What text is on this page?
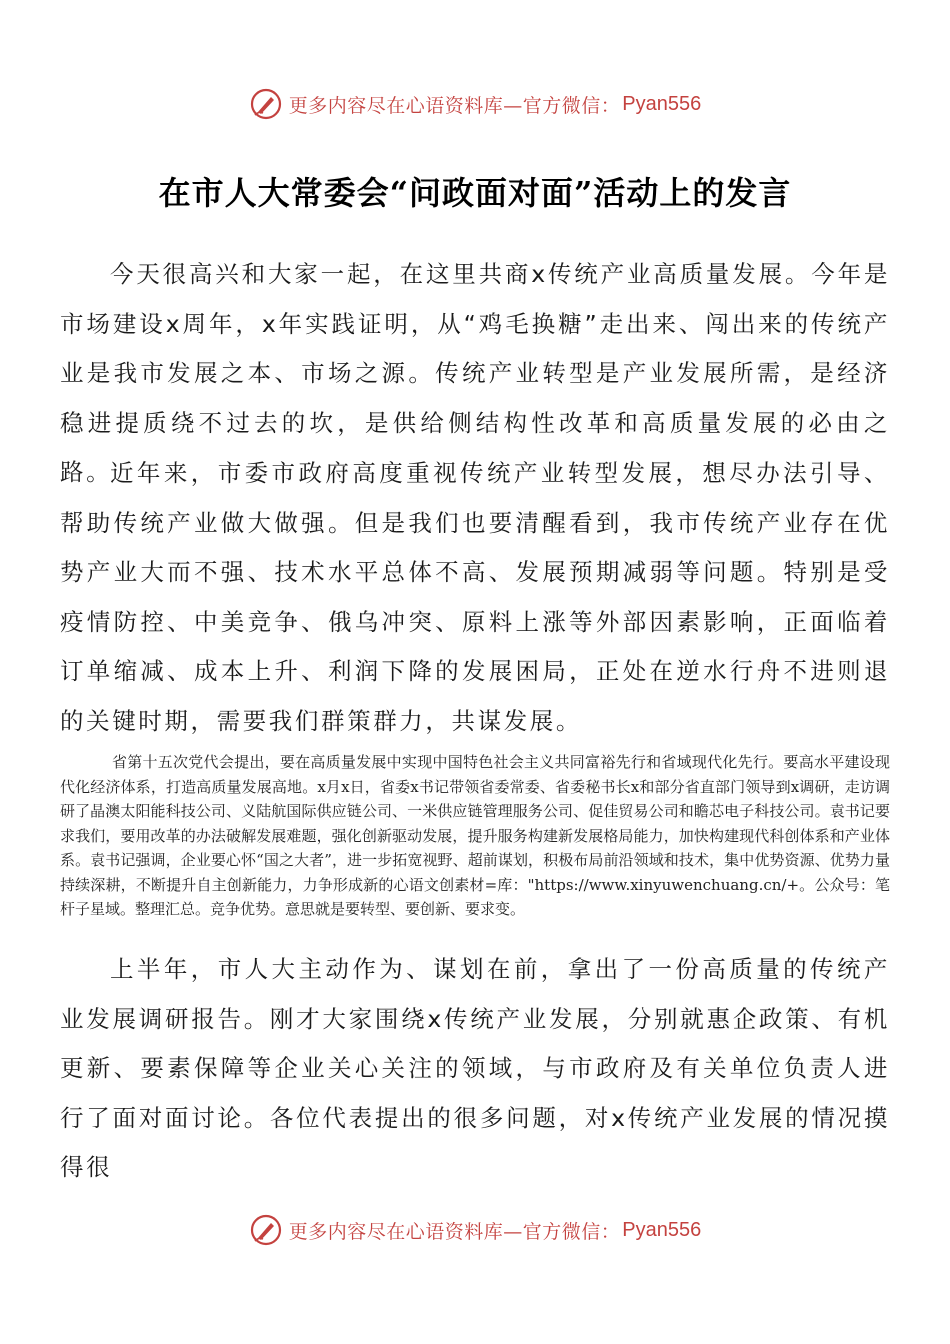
更多内容尽在心语资料库—官方微信： Pyan556
在市人大常委会“问政面对面”活动上的发言

今天很高兴和大家一起，在这里共商x传统产业高质量发展。今年是市场建设x周年，x年实践证明，从“鸡毛换糖”走出来、闯出来的传统产业是我市发展之本、市场之源。传统产业转型是产业发展所需，是经济稳进提质绕不过去的坎，是供给侧结构性改革和高质量发展的必由之路。

近年来，市委市政府高度重视传统产业转型发展，想尽办法引导、帮助传统产业做大做强。但是我们也要清醒看到，我市传统产业存在优势产业大而不强、技术水平总体不高、发展预期减弱等问题。特别是受疫情防控、中美竞争、俄乌冲突、原料上涨等外部因素影响，正面临着订单缩减、成本上升、利润下降的发展困局，正处在逆水行舟不进则退的关键时期，需要我们群策群力，共谋发展。

省第十五次党代会提出，要在高质量发展中实现中国特色社会主义共同富裕先行和省域现代化先行。要高水平建设现代化经济体系，打造高质量发展高地。x月x日，省委x书记带领省委常委、省委秘书长x和部分省直部门领导到x调研，走访调研了晶澳太阳能科技公司、义陆航国际供应链公司、一米供应链管理服务公司、促佳贸易公司和瞻芯电子科技公司。袁书记要求我们，要用改革的办法破解发展难题，强化创新驱动发展，提升服务构建新发展格局能力，加快构建现代科创体系和产业体系。袁书记强调，企业要心怀“国之大者”，进一步拓宽视野、超前谋划，积极布局前沿领域和技术，集中优势资源、优势力量持续深耕，不断提升自主创新能力，力争形成新的心语文创素材=库："https://www.xinyuwenchuang.cn/+。公众号：笔杆子星域。整理汇总。竞争优势。意思就是要转型、要创新、要求变。

上半年，市人大主动作为、谋划在前，拿出了一份高质量的传统产业发展调研报告。刚才大家围绕x传统产业发展，分别就惠企政策、有机更新、要素保障等企业关心关注的领域，与市政府及有关单位负责人进行了面对面讨论。各位代表提出的很多问题，对x传统产业发展的情况摸得很

更多内容尽在心语资料库—官方微信： Pyan556
